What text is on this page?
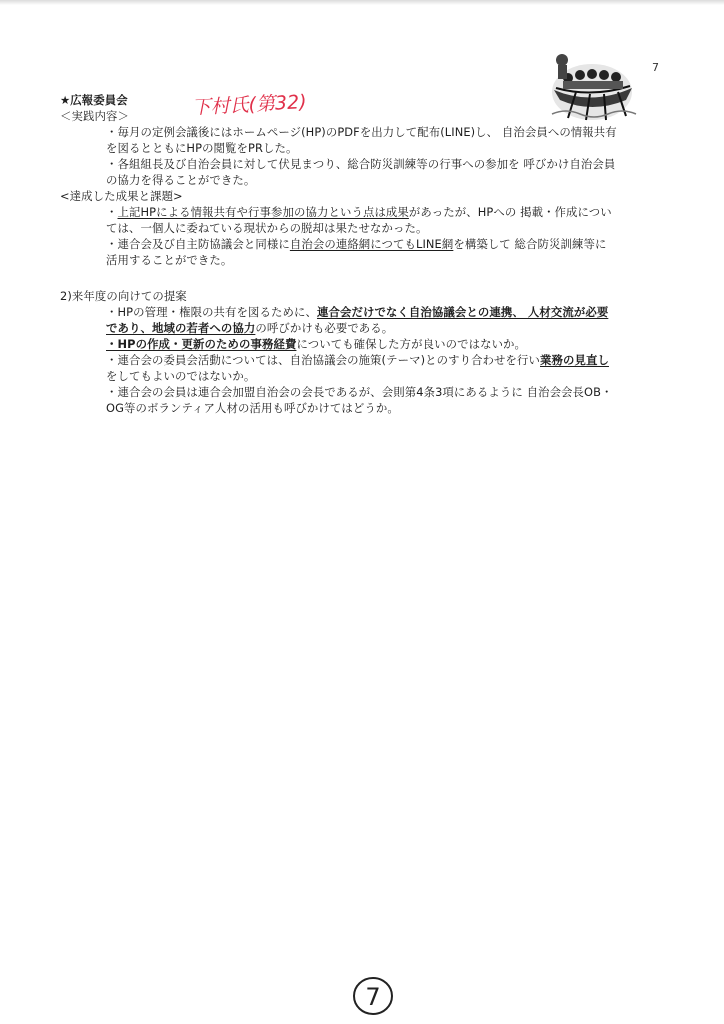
7
下村氏(第32)
★広報委員会
＜実践内容＞
・毎月の定例会議後にはホームページ(HP)のPDFを出力して配布(LINE)し、 自治会員への情報共有
を図るとともにHPの閲覧をPRした。
・各組組長及び自治会員に対して伏見まつり、総合防災訓練等の行事への参加を 呼びかけ自治会員
の協力を得ることができた。
<達成した成果と課題>
・上記HPによる情報共有や行事参加の協力という点は成果があったが、HPへの 掲載・作成につい
ては、一個人に委ねている現状からの脱却は果たせなかった。
・連合会及び自主防協議会と同様に自治会の連絡網につてもLINE網を構築して 総合防災訓練等に
活用することができた。
2)来年度の向けての提案
・HPの管理・権限の共有を図るために、連合会だけでなく自治協議会との連携、 人材交流が必要
であり、地域の若者への協力の呼びかけも必要である。
・HPの作成・更新のための事務経費についても確保した方が良いのではないか。
・連合会の委員会活動については、自治協議会の施策(テーマ)とのすり合わせを行い業務の見直し
をしてもよいのではないか。
・連合会の会員は連合会加盟自治会の会長であるが、会則第4条3項にあるように 自治会会長OB・
OG等のボランティア人材の活用も呼びかけてはどうか。
7
